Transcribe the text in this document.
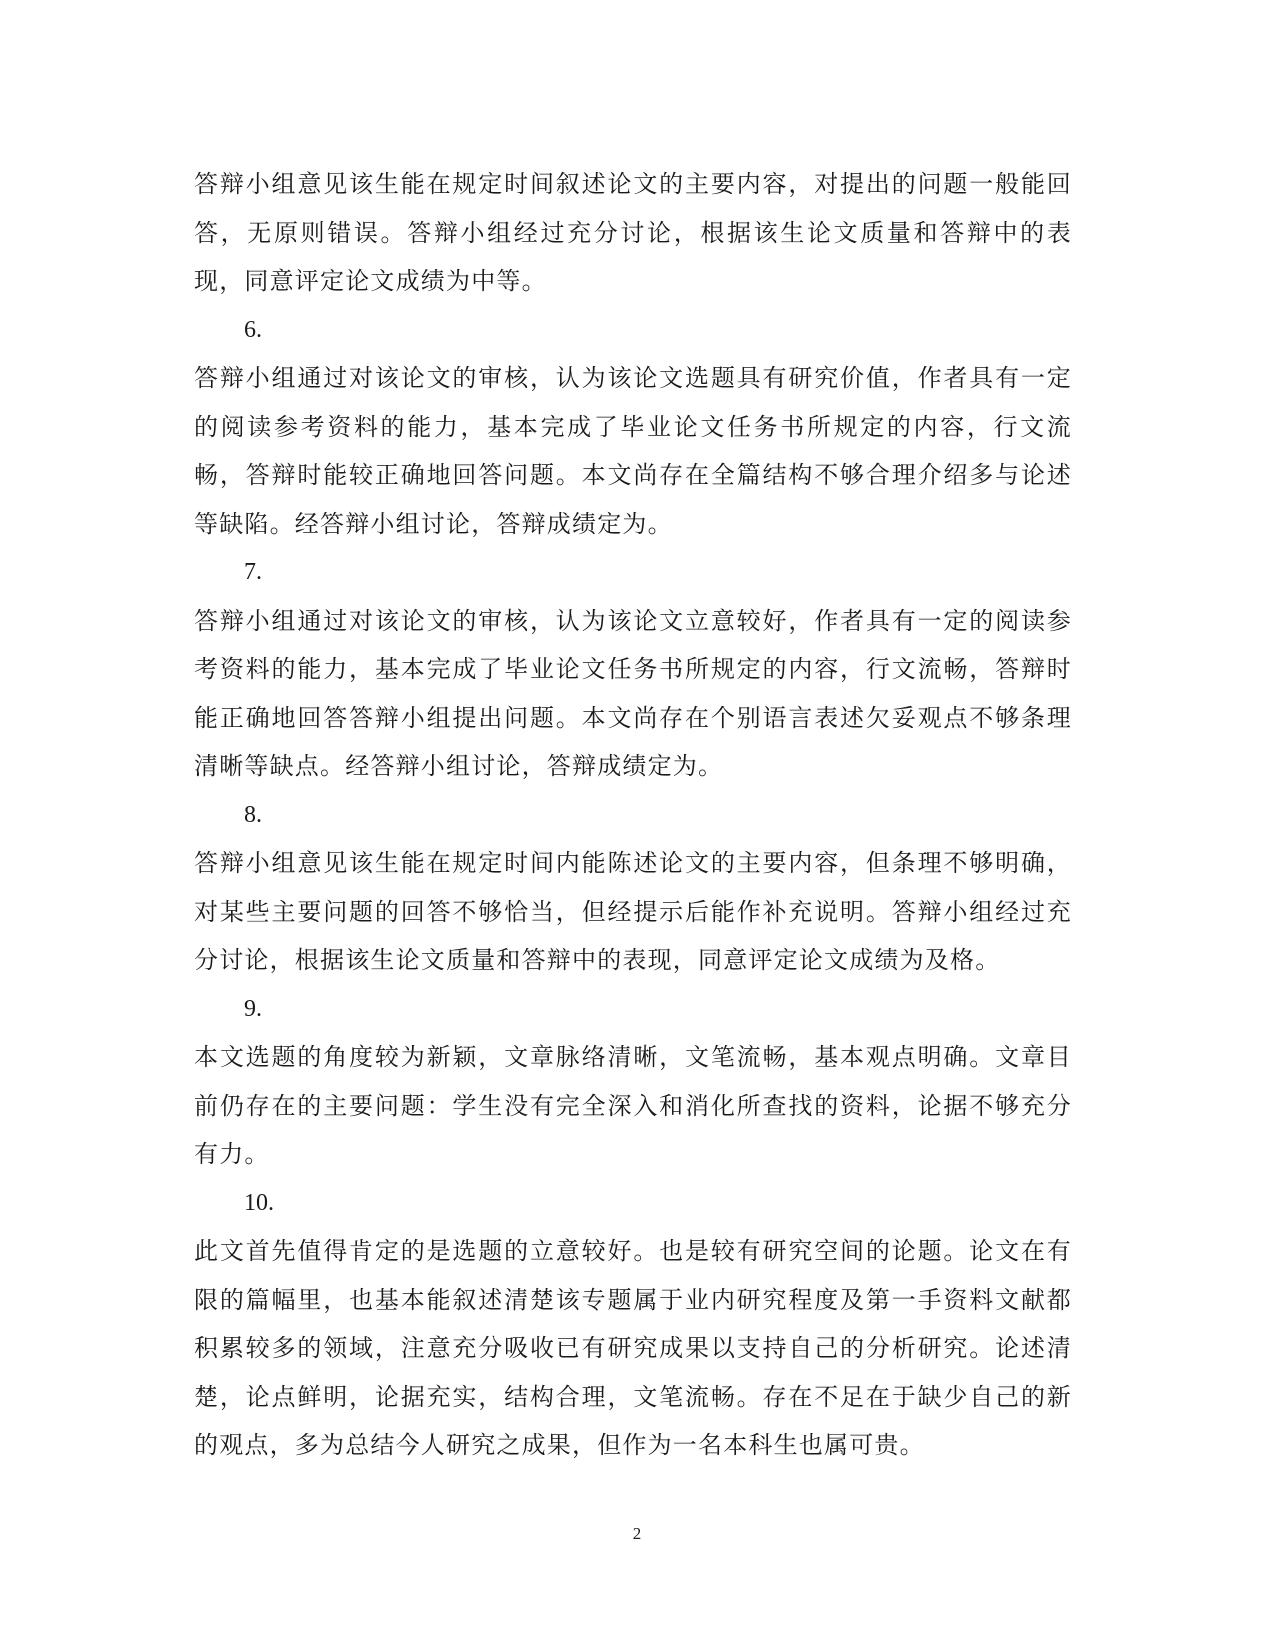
答辩小组意见该生能在规定时间叙述论文的主要内容，对提出的问题一般能回答，无原则错误。答辩小组经过充分讨论，根据该生论文质量和答辩中的表现，同意评定论文成绩为中等。

6.

答辩小组通过对该论文的审核，认为该论文选题具有研究价值，作者具有一定的阅读参考资料的能力，基本完成了毕业论文任务书所规定的内容，行文流畅，答辩时能较正确地回答问题。本文尚存在全篇结构不够合理介绍多与论述等缺陷。经答辩小组讨论，答辩成绩定为。

7.

答辩小组通过对该论文的审核，认为该论文立意较好，作者具有一定的阅读参考资料的能力，基本完成了毕业论文任务书所规定的内容，行文流畅，答辩时能正确地回答答辩小组提出问题。本文尚存在个别语言表述欠妥观点不够条理清晰等缺点。经答辩小组讨论，答辩成绩定为。

8.

答辩小组意见该生能在规定时间内能陈述论文的主要内容，但条理不够明确，对某些主要问题的回答不够恰当，但经提示后能作补充说明。答辩小组经过充分讨论，根据该生论文质量和答辩中的表现，同意评定论文成绩为及格。

9.

本文选题的角度较为新颖，文章脉络清晰，文笔流畅，基本观点明确。文章目前仍存在的主要问题：学生没有完全深入和消化所查找的资料，论据不够充分有力。

10.

此文首先值得肯定的是选题的立意较好。也是较有研究空间的论题。论文在有限的篇幅里，也基本能叙述清楚该专题属于业内研究程度及第一手资料文献都积累较多的领域，注意充分吸收已有研究成果以支持自己的分析研究。论述清楚，论点鲜明，论据充实，结构合理，文笔流畅。存在不足在于缺少自己的新的观点，多为总结今人研究之成果，但作为一名本科生也属可贵。

2
